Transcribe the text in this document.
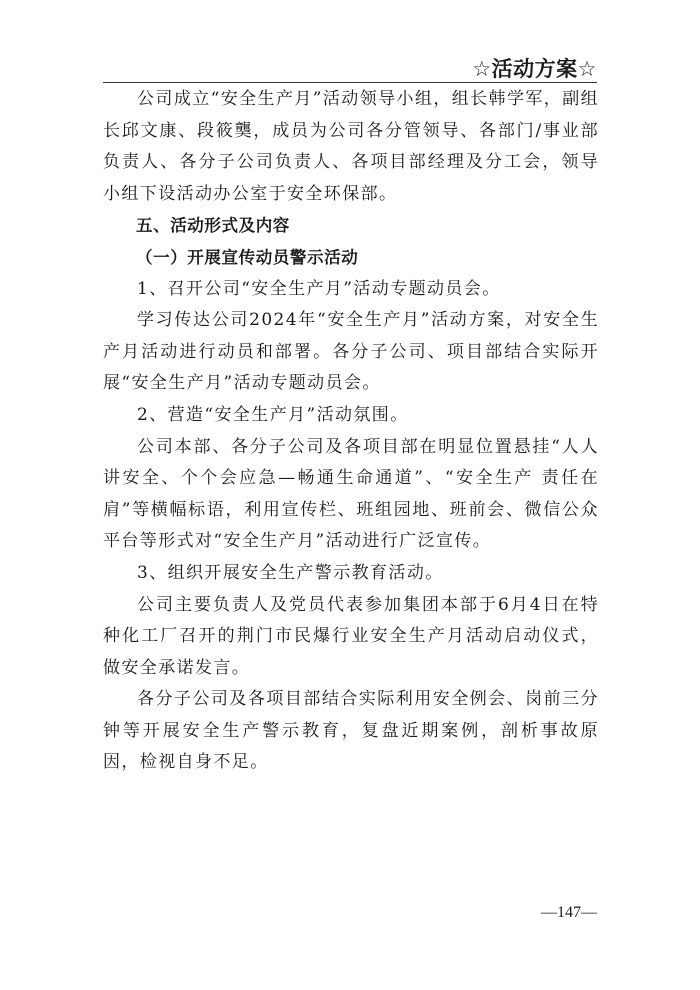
☆活动方案☆

公司成立“安全生产月”活动领导小组，组长韩学军，副组长邱文康、段筱龑，成员为公司各分管领导、各部门/事业部负责人、各分子公司负责人、各项目部经理及分工会，领导小组下设活动办公室于安全环保部。

五、活动形式及内容

（一）开展宣传动员警示活动

1、召开公司“安全生产月”活动专题动员会。

学习传达公司2024年“安全生产月”活动方案，对安全生产月活动进行动员和部署。各分子公司、项目部结合实际开展“安全生产月”活动专题动员会。

2、营造“安全生产月”活动氛围。

公司本部、各分子公司及各项目部在明显位置悬挂“人人讲安全、个个会应急—畅通生命通道”、“安全生产 责任在肩”等横幅标语，利用宣传栏、班组园地、班前会、微信公众平台等形式对“安全生产月”活动进行广泛宣传。

3、组织开展安全生产警示教育活动。

公司主要负责人及党员代表参加集团本部于6月4日在特种化工厂召开的荆门市民爆行业安全生产月活动启动仪式，做安全承诺发言。

各分子公司及各项目部结合实际利用安全例会、岗前三分钟等开展安全生产警示教育，复盘近期案例，剖析事故原因，检视自身不足。

—147—
